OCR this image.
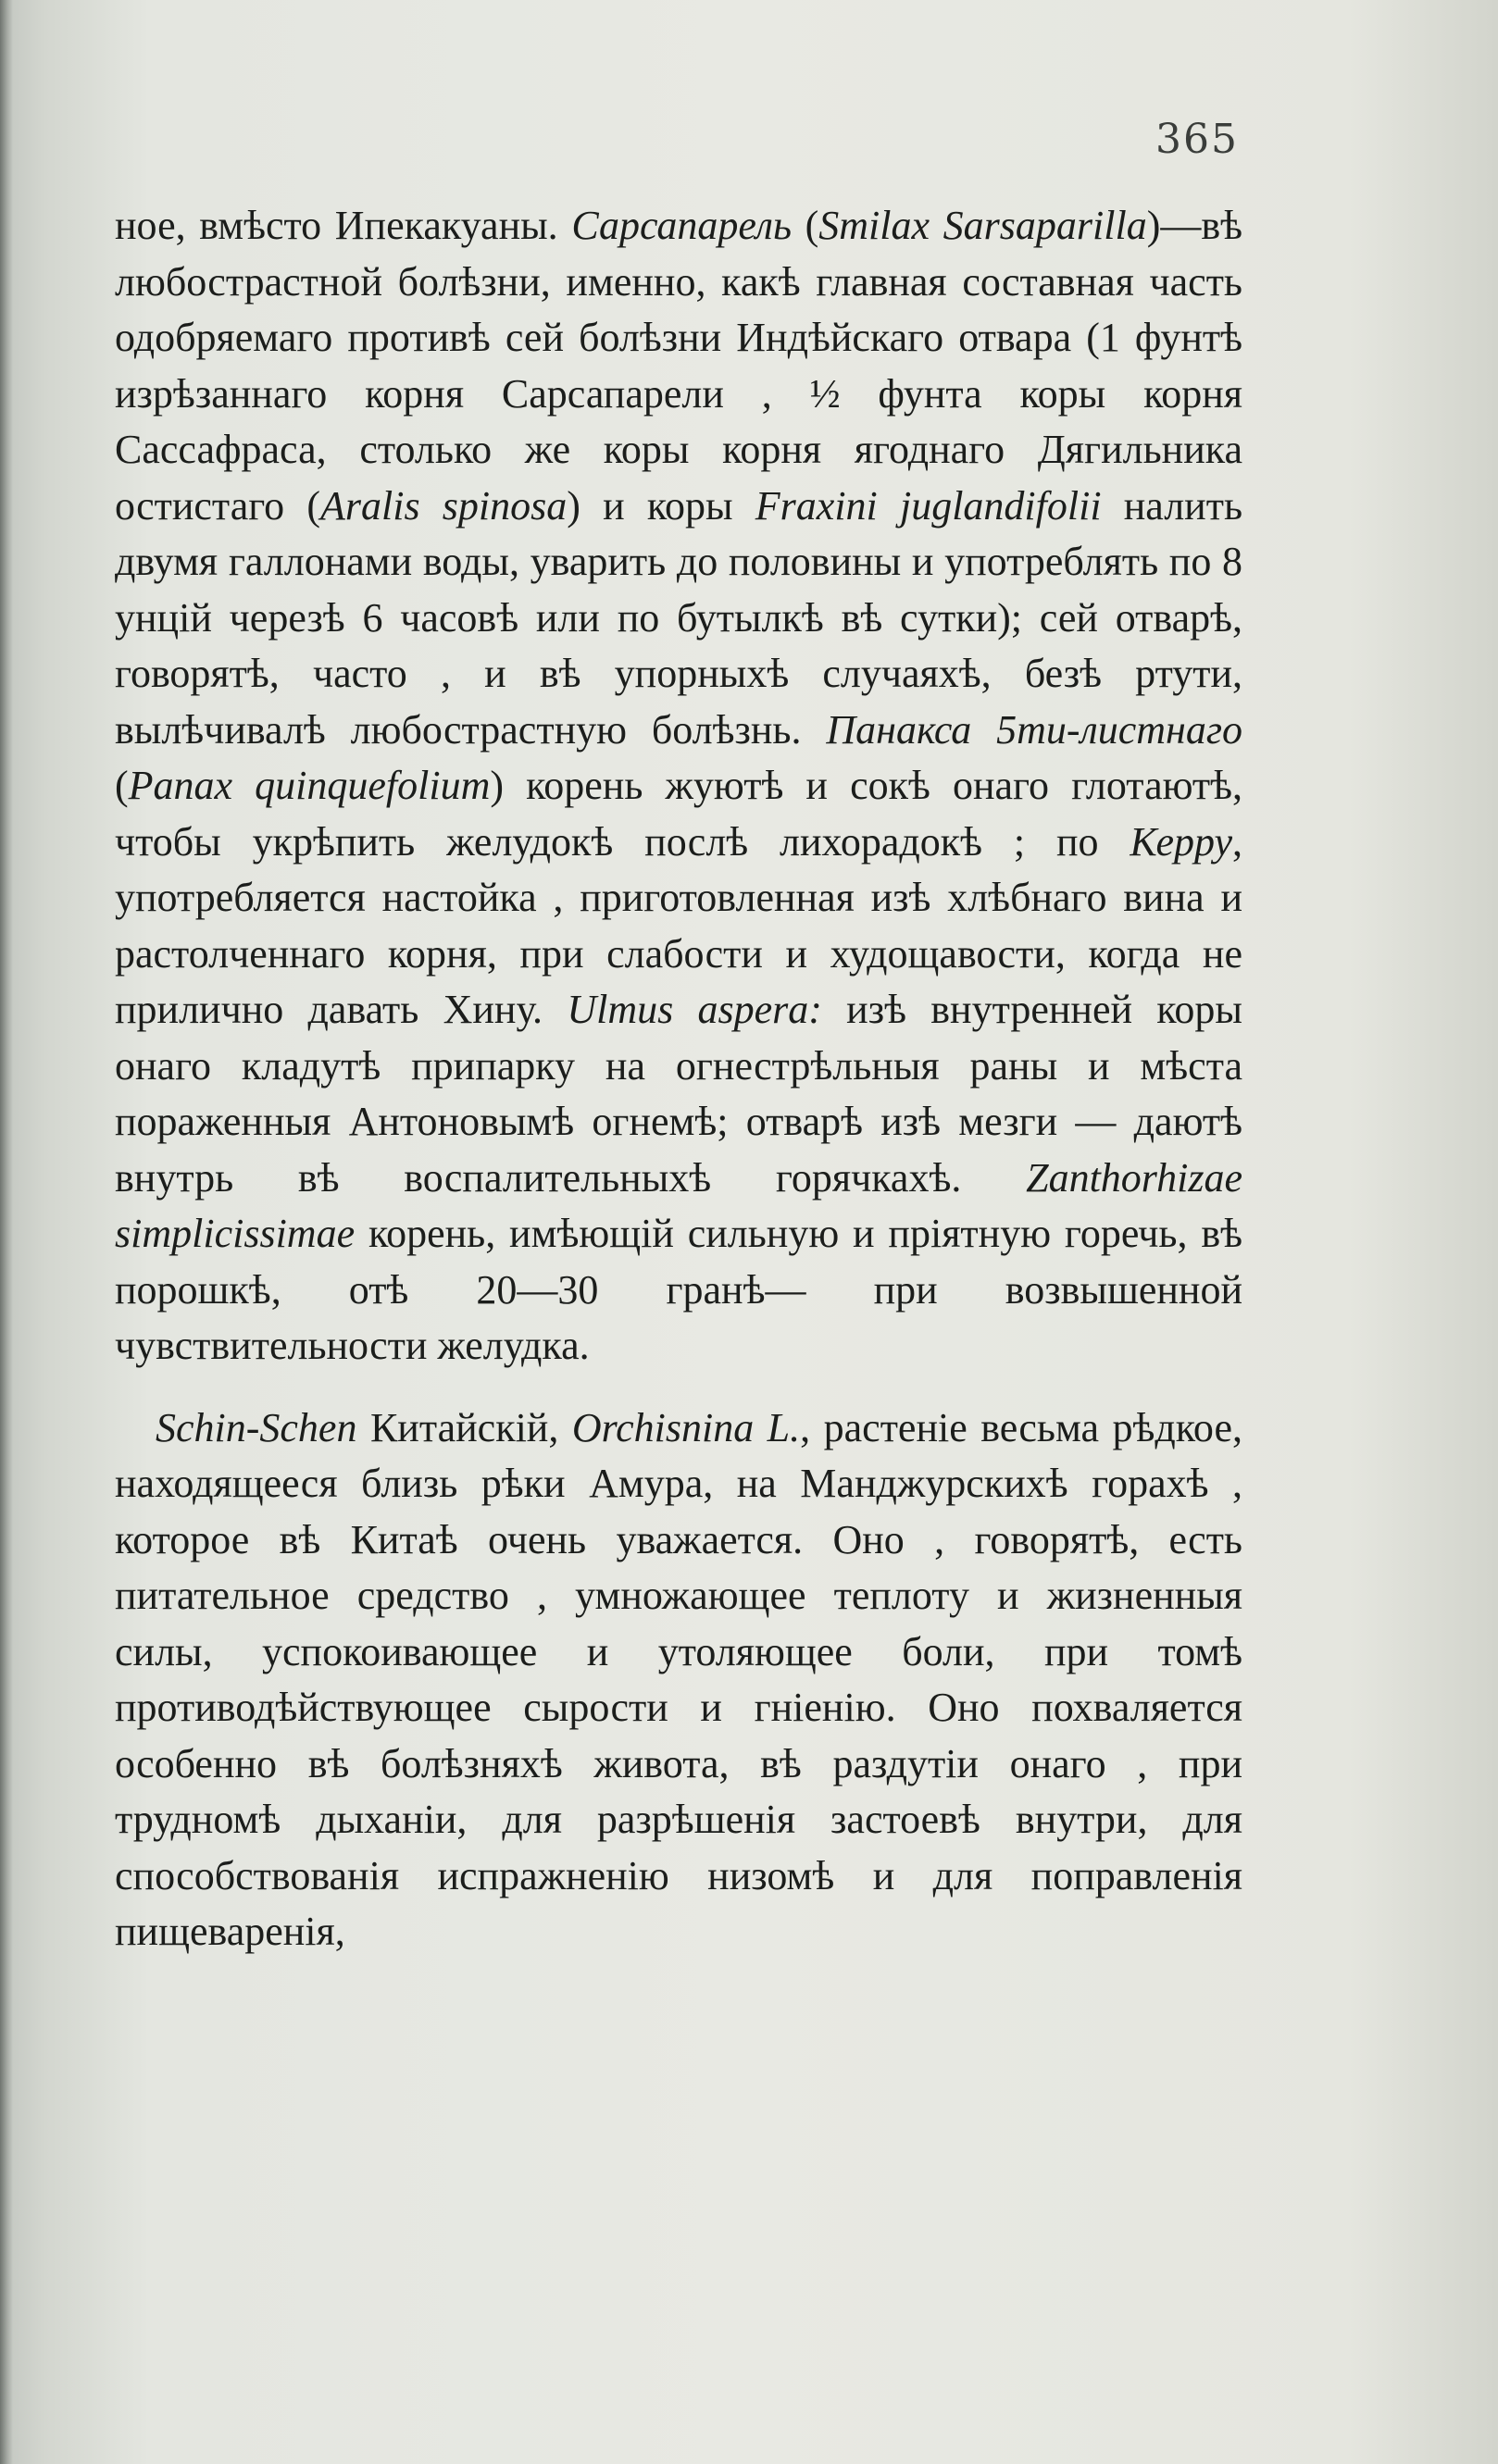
365

ное, вмѣсто Ипекакуаны. Сарсапарель (Smilax Sarsaparilla)—вѣ любострастной болѣзни, именно, какѣ главная составная часть одобряемаго противѣ сей болѣзни Индѣйскаго отвара (1 фунтѣ изрѣзаннаго корня Сарсапарели , ½ фунта коры корня Сассафраса, столько же коры корня ягоднаго Дягильника остистаго (Aralis spinosa) и коры Fraxini juglandifolii налить двумя галлонами воды, уварить до половины и употреблять по 8 унцій черезѣ 6 часовѣ или по бутылкѣ вѣ сутки); сей отварѣ, говорятѣ, часто , и вѣ упорныхѣ случаяхѣ, безѣ ртути, вылѣчивалѣ любострастную болѣзнь. Панакса 5ти-листнаго (Panax quinquefolium) корень жуютѣ и сокѣ онаго глотаютѣ, чтобы укрѣпить желудокѣ послѣ лихорадокѣ ; по Керру, употребляется настойка , приготовленная изѣ хлѣбнаго вина и растолченнаго корня, при слабости и худощавости, когда не прилично давать Хину. Ulmus aspera: изѣ внутренней коры онаго кладутѣ припарку на огнестрѣльныя раны и мѣста пораженныя Антоновымѣ огнемѣ; отварѣ изѣ мезги — даютѣ внутрь вѣ воспалительныхѣ горячкахѣ. Zanthorhizae simplicissimae корень, имѣющій сильную и пріятную горечь, вѣ порошкѣ, отѣ 20—30 гранѣ— при возвышенной чувствительности желудка.

Schin-Schen Китайскій, Orchisnina L., растеніе весьма рѣдкое, находящееся близь рѣки Амура, на Манджурскихѣ горахѣ , которое вѣ Китаѣ очень уважается. Оно , говорятѣ, есть питательное средство , умножающее теплоту и жизненныя силы, успокоивающее и утоляющее боли, при томѣ противодѣйствующее сырости и гніенію. Оно похваляется особенно вѣ болѣзняхѣ живота, вѣ раздутіи онаго , при трудномѣ дыханіи, для разрѣшенія застоевѣ внутри, для способствованія испражненію низомѣ и для поправленія пищеваренія,
